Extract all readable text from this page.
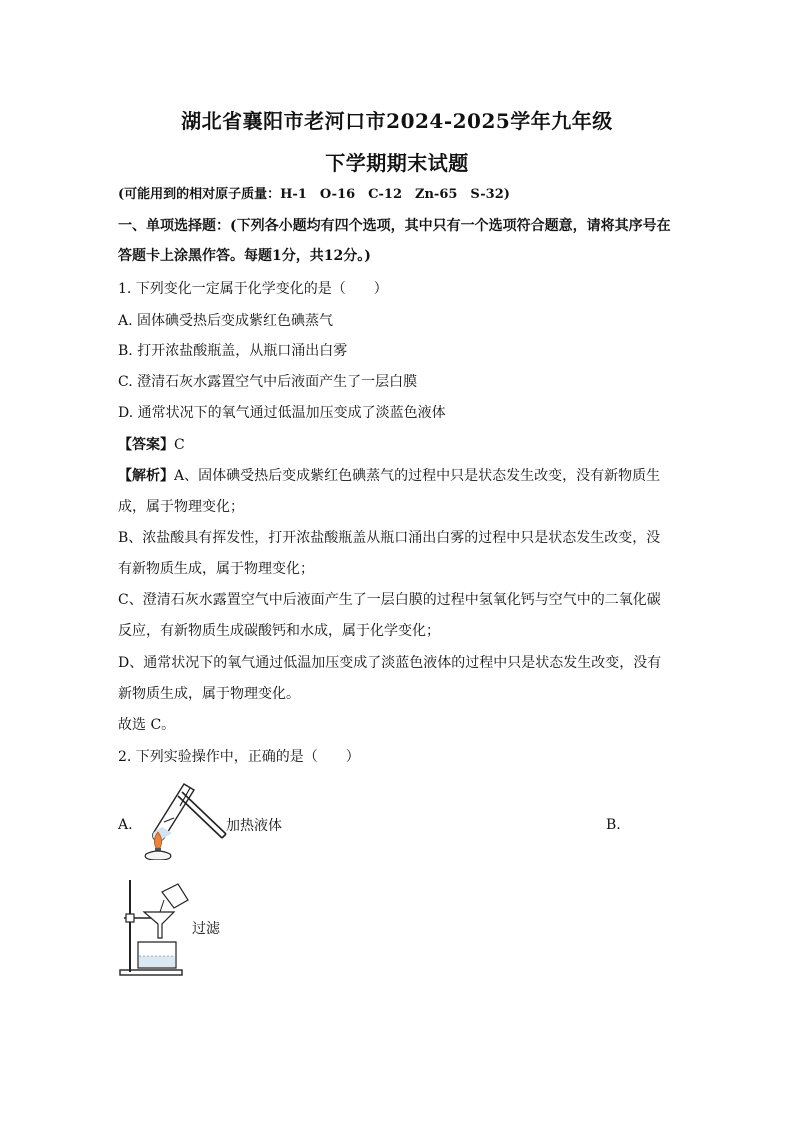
湖北省襄阳市老河口市2024-2025学年九年级
下学期期末试题
(可能用到的相对原子质量：H-1　O-16　C-12　Zn-65　S-32)
一、单项选择题：(下列各小题均有四个选项，其中只有一个选项符合题意，请将其序号在
答题卡上涂黑作答。每题1分，共12分。)
1. 下列变化一定属于化学变化的是（　　）
A. 固体碘受热后变成紫红色碘蒸气
B. 打开浓盐酸瓶盖，从瓶口涌出白雾
C. 澄清石灰水露置空气中后液面产生了一层白膜
D. 通常状况下的氧气通过低温加压变成了淡蓝色液体
【答案】C
【解析】A、固体碘受热后变成紫红色碘蒸气的过程中只是状态发生改变，没有新物质生
成，属于物理变化；
B、浓盐酸具有挥发性，打开浓盐酸瓶盖从瓶口涌出白雾的过程中只是状态发生改变，没
有新物质生成，属于物理变化；
C、澄清石灰水露置空气中后液面产生了一层白膜的过程中氢氧化钙与空气中的二氧化碳
反应，有新物质生成碳酸钙和水成，属于化学变化；
D、通常状况下的氧气通过低温加压变成了淡蓝色液体的过程中只是状态发生改变，没有
新物质生成，属于物理变化。
故选 C。
2. 下列实验操作中，正确的是（　　）
A.	加热液体	B.
过滤
